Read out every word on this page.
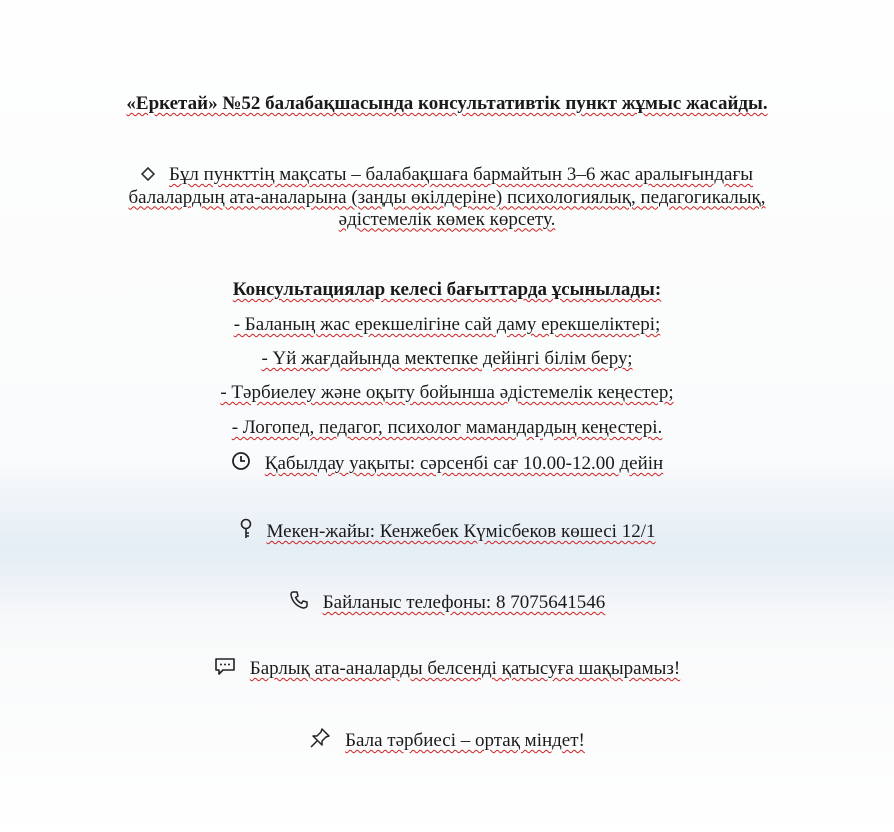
«Еркетай» №52 балабақшасында консультативтік пункт жұмыс жасайды.
Бұл пункттің мақсаты – балабақшаға бармайтын 3–6 жас аралығындағы
балалардың ата-аналарына (заңды өкілдеріне) психологиялық, педагогикалық,
әдістемелік көмек көрсету.
Консультациялар келесі бағыттарда ұсынылады:
- Баланың жас ерекшелігіне сай даму ерекшеліктері;
- Үй жағдайында мектепке дейінгі білім беру;
- Тәрбиелеу және оқыту бойынша әдістемелік кеңестер;
- Логопед, педагог, психолог мамандардың кеңестері.
Қабылдау уақыты: сәрсенбі сағ 10.00-12.00 дейін
Мекен-жайы: Кенжебек Күмісбеков көшесі 12/1
Байланыс телефоны: 8 7075641546
Барлық ата-аналарды белсенді қатысуға шақырамыз!
Бала тәрбиесі – ортақ міндет!
